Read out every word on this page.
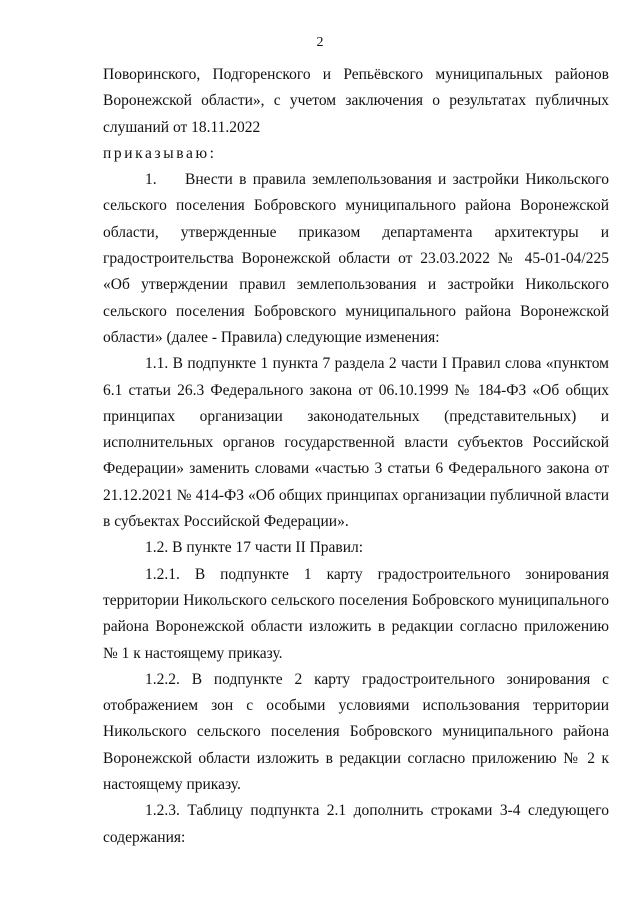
2

Поворинского, Подгоренского и Репьёвского муниципальных районов Воронежской области», с учетом заключения о результатах публичных слушаний от 18.11.2022

приказываю:

1. Внести в правила землепользования и застройки Никольского сельского поселения Бобровского муниципального района Воронежской области, утвержденные приказом департамента архитектуры и градостроительства Воронежской области от 23.03.2022 № 45-01-04/225 «Об утверждении правил землепользования и застройки Никольского сельского поселения Бобровского муниципального района Воронежской области» (далее - Правила) следующие изменения:

1.1. В подпункте 1 пункта 7 раздела 2 части I Правил слова «пунктом 6.1 статьи 26.3 Федерального закона от 06.10.1999 № 184-ФЗ «Об общих принципах организации законодательных (представительных) и исполнительных органов государственной власти субъектов Российской Федерации» заменить словами «частью 3 статьи 6 Федерального закона от 21.12.2021 № 414-ФЗ «Об общих принципах организации публичной власти в субъектах Российской Федерации».

1.2. В пункте 17 части II Правил:

1.2.1. В подпункте 1 карту градостроительного зонирования территории Никольского сельского поселения Бобровского муниципального района Воронежской области изложить в редакции согласно приложению № 1 к настоящему приказу.

1.2.2. В подпункте 2 карту градостроительного зонирования с отображением зон с особыми условиями использования территории Никольского сельского поселения Бобровского муниципального района Воронежской области изложить в редакции согласно приложению № 2 к настоящему приказу.

1.2.3. Таблицу подпункта 2.1 дополнить строками 3-4 следующего содержания:
